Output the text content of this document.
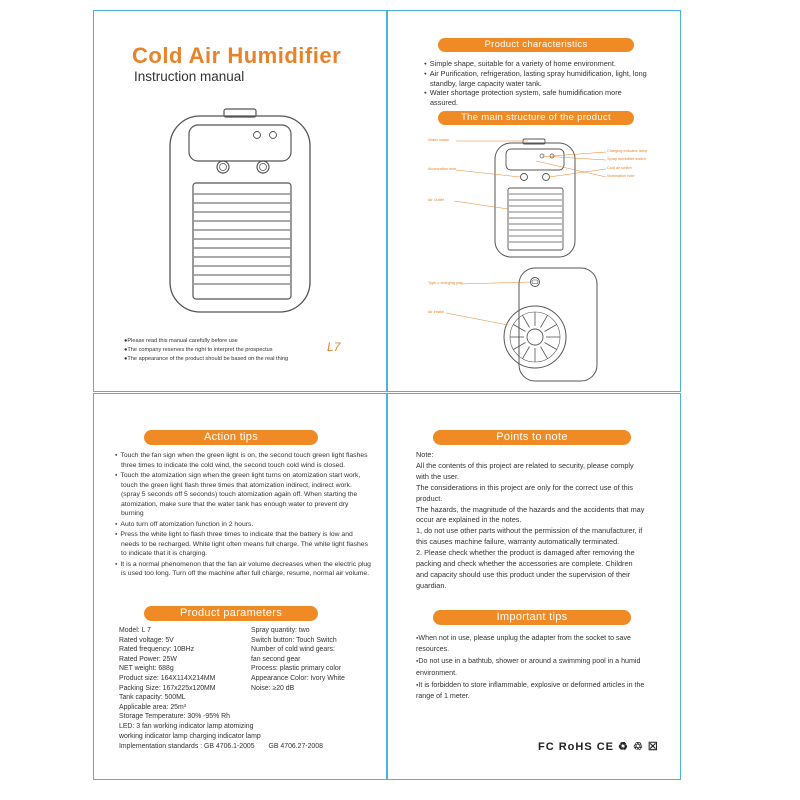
Cold Air Humidifier
Instruction manual
●Please read this manual carefully before use
●The company reserves the right to interpret the prospectus
●The appearance of the product should be based on the real thing
L7
Product characteristics
● Simple shape, suitable for a variety of home environment.
● Air Purification, refrigeration, lasting spray humidification, light, long standby, large capacity water tank.
● Water shortage protection system, safe humidification more assured.
The main structure of the product
Water intake
Atomization hole
Air Outlet
Charging indicator lamp
Spray humidifier switch
Cold air switch
Illumination hole
Type-c charging port
Air intake
Action tips
● Touch the fan sign when the green light is on, the second touch green light flashes three times to indicate the cold wind, the second touch cold wind is closed.
● Touch the atomization sign when the green light turns on atomization start work, touch the green light flash three times that atomization indirect, indirect work. (spray 5 seconds off 5 seconds) touch atomization again off. When starting the atomization, make sure that the water tank has enough water to prevent dry burning
● Auto turn off atomization function in 2 hours.
● Press the white light to flash three times to indicate that the battery is low and needs to be recharged. White light often means full charge. The white light flashes to indicate that it is charging.
● It is a normal phenomenon that the fan air volume decreases when the electric plug is used too long. Turn off the machine after full charge, resume, normal air volume.
Product parameters
Model: L 7
Rated voltage: 5V
Rated frequency: 10BHz
Rated Power: 25W
NET weight: 688g
Product size: 164X114X214MM
Packing Size: 167x225x120MM
Tank capacity: 500ML
Applicable area: 25m³
Spray quantity: two
Switch button: Touch Switch
Number of cold wind gears:
fan second gear
Process: plastic primary color
Appearance Color: Ivory White
Noise: ≥20 dB
Storage Temperature: 30% -95% Rh
LED: 3 fan working indicator lamp atomizing
working indicator lamp charging indicator lamp
Implementation standards : GB 4706.1-2005 GB 4706.27-2008
Points to note
Note:
All the contents of this project are related to security, please comply with the user.
The considerations in this project are only for the correct use of this product.
The hazards, the magnitude of the hazards and the accidents that may occur are explained in the notes.
1, do not use other parts without the permission of the manufacturer, if this causes machine failure, warranty automatically terminated.
2. Please check whether the product is damaged after removing the packing and check whether the accessories are complete. Children and capacity should use this product under the supervision of their guardian.
Important tips
● When not in use, please unplug the adapter from the socket to save resources.
● Do not use in a bathtub, shower or around a swimming pool in a humid environment.
● It is forbidden to store inflammable, explosive or deformed articles in the range of 1 meter.
FC RoHS CE ♻ ♲ ☒
